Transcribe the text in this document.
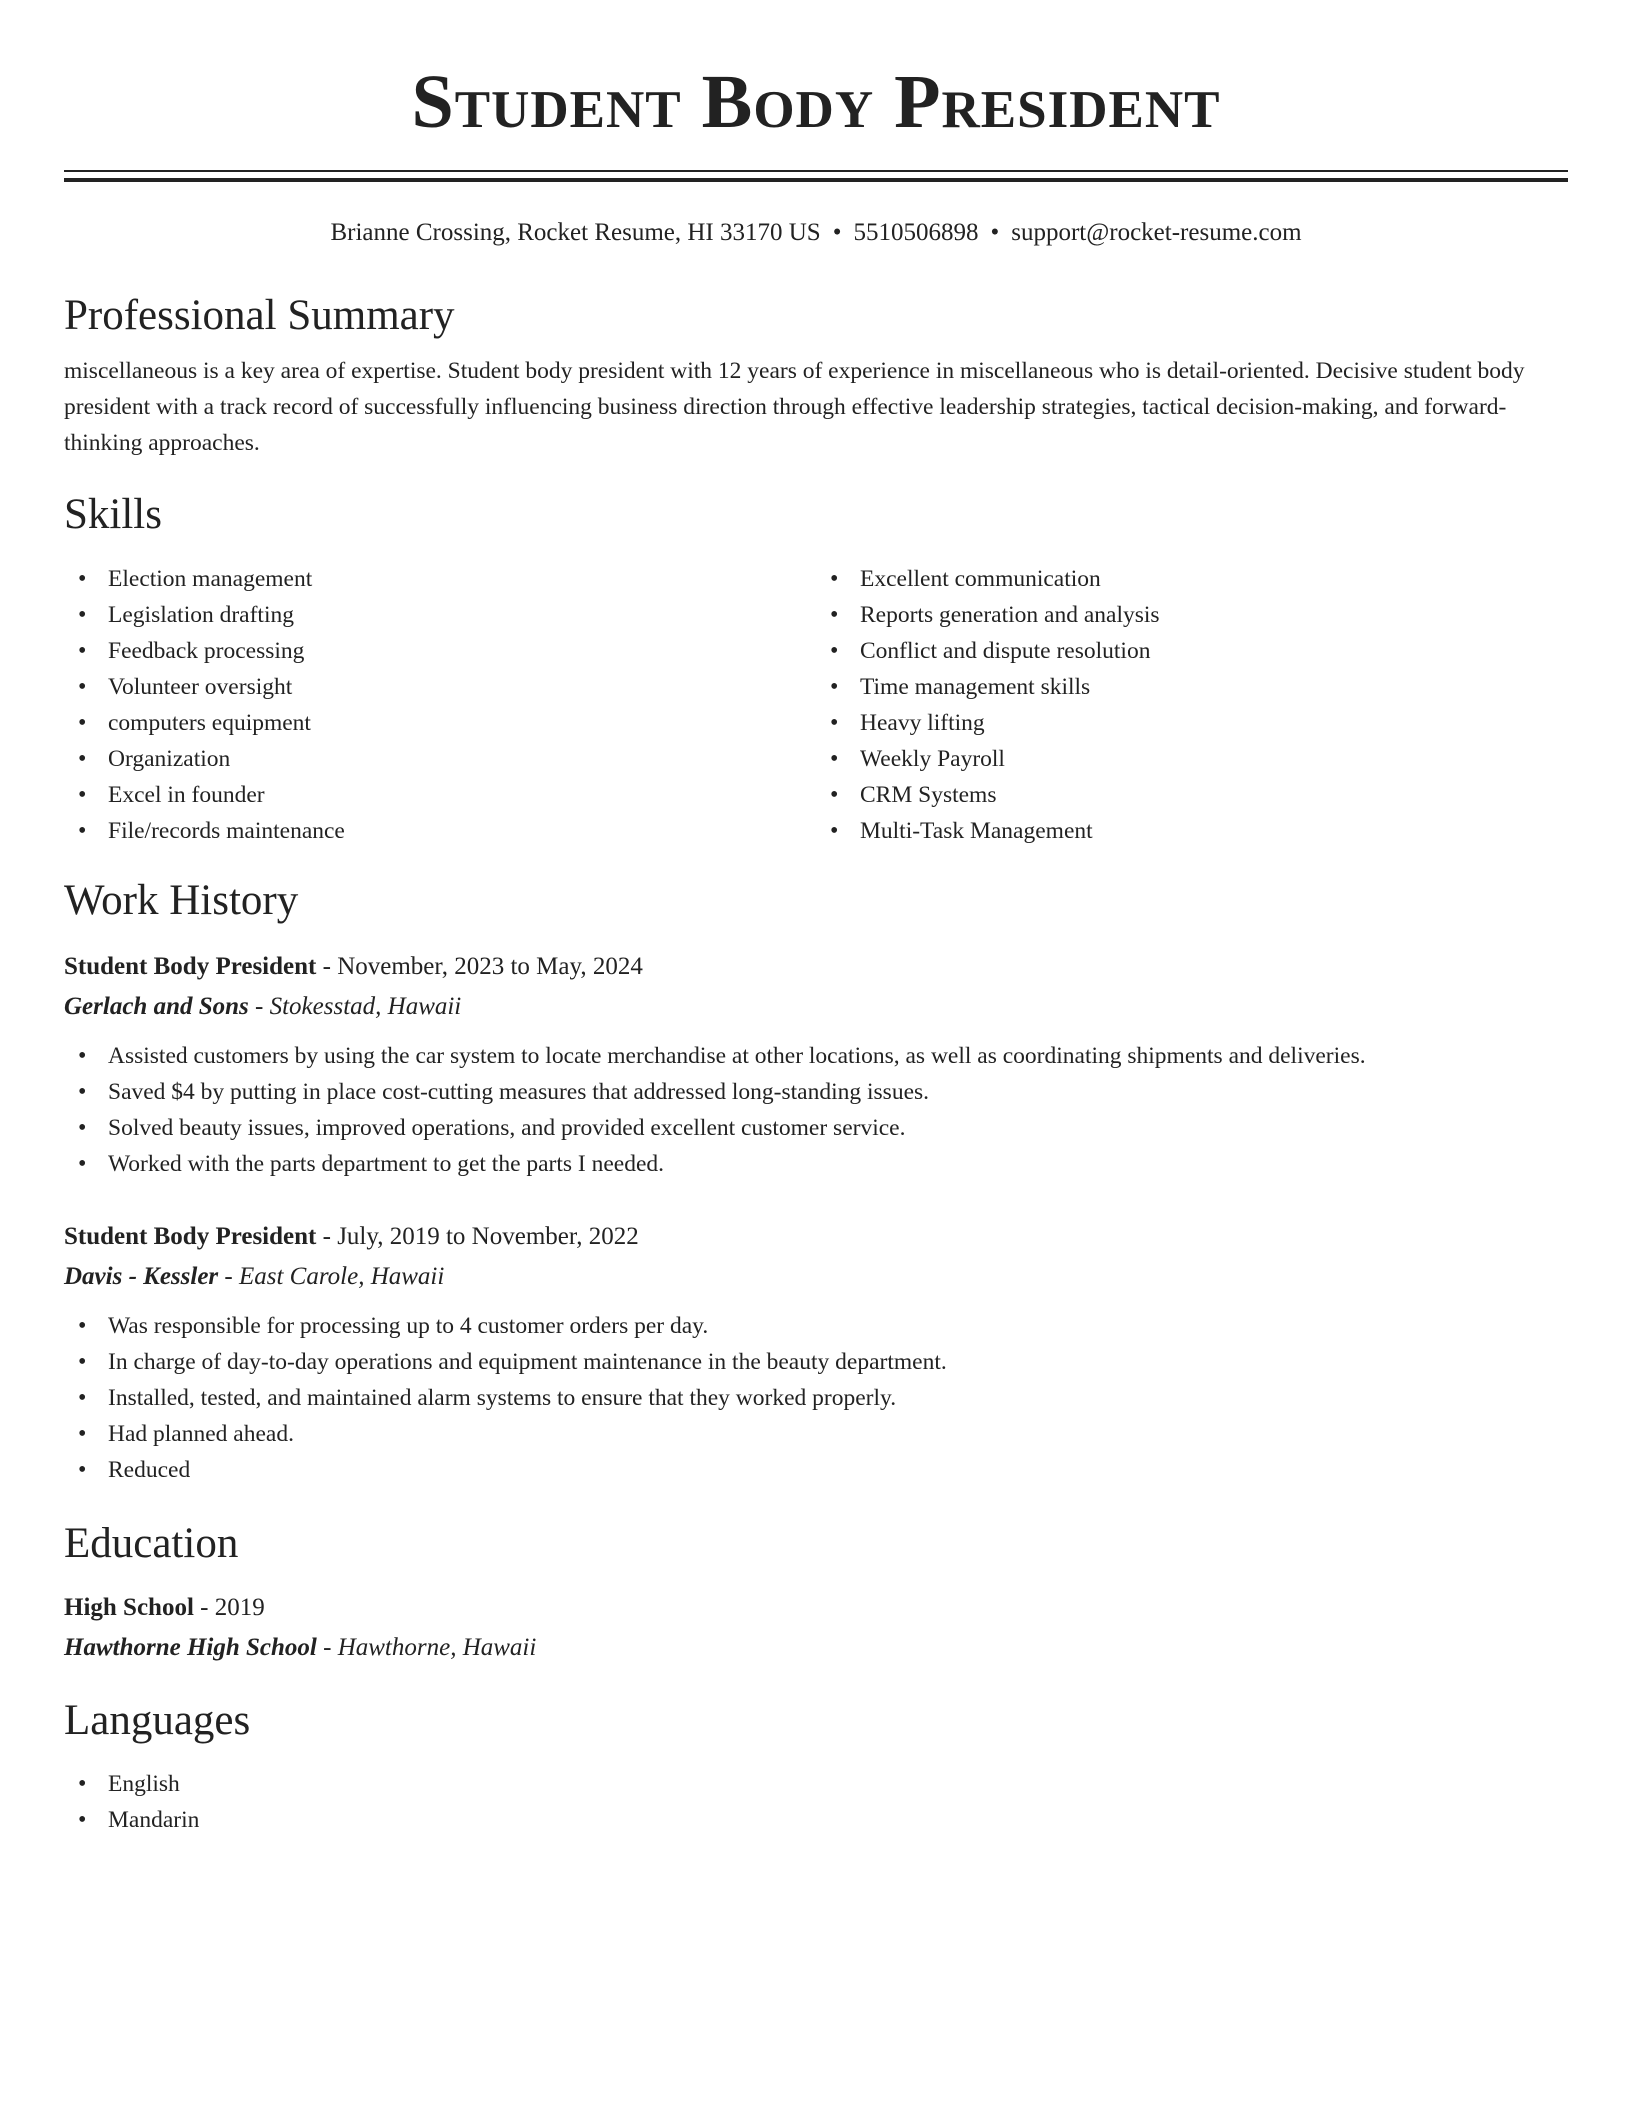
Student Body President
Brianne Crossing, Rocket Resume, HI 33170 US • 5510506898 • support@rocket-resume.com
Professional Summary
miscellaneous is a key area of expertise. Student body president with 12 years of experience in miscellaneous who is detail-oriented. Decisive student body president with a track record of successfully influencing business direction through effective leadership strategies, tactical decision-making, and forward-thinking approaches.
Skills
• Election management
• Legislation drafting
• Feedback processing
• Volunteer oversight
• computers equipment
• Organization
• Excel in founder
• File/records maintenance
• Excellent communication
• Reports generation and analysis
• Conflict and dispute resolution
• Time management skills
• Heavy lifting
• Weekly Payroll
• CRM Systems
• Multi-Task Management
Work History
Student Body President - November, 2023 to May, 2024
Gerlach and Sons - Stokesstad, Hawaii
• Assisted customers by using the car system to locate merchandise at other locations, as well as coordinating shipments and deliveries.
• Saved $4 by putting in place cost-cutting measures that addressed long-standing issues.
• Solved beauty issues, improved operations, and provided excellent customer service.
• Worked with the parts department to get the parts I needed.
Student Body President - July, 2019 to November, 2022
Davis - Kessler - East Carole, Hawaii
• Was responsible for processing up to 4 customer orders per day.
• In charge of day-to-day operations and equipment maintenance in the beauty department.
• Installed, tested, and maintained alarm systems to ensure that they worked properly.
• Had planned ahead.
• Reduced
Education
High School - 2019
Hawthorne High School - Hawthorne, Hawaii
Languages
• English
• Mandarin
